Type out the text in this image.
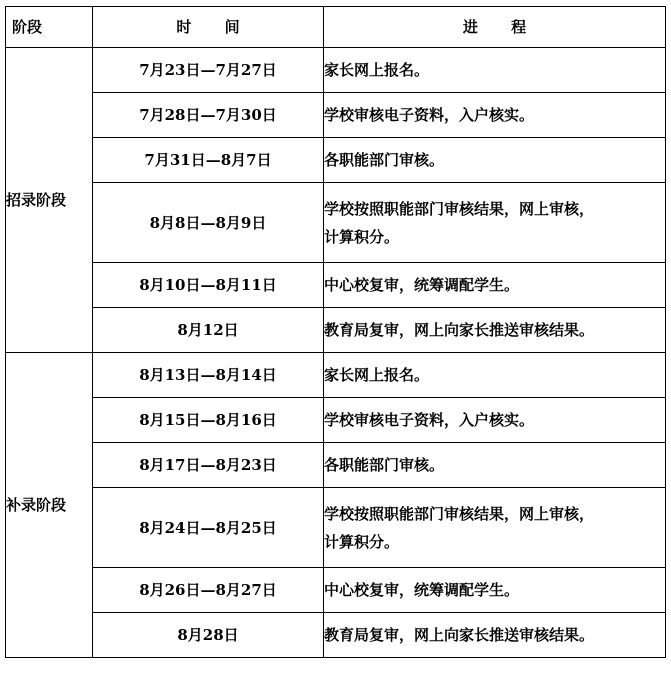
阶段	时 间	进 程
招录阶段	7月23日—7月27日	家长网上报名。

	7月28日—7月30日	学校审核电子资料，入户核实。

	7月31日—8月7日	各职能部门审核。

	8月8日—8月9日	学校按照职能部门审核结果，网上审核，
计算积分。

	8月10日—8月11日	中心校复审，统筹调配学生。

	8月12日	教育局复审，网上向家长推送审核结果。

补录阶段	8月13日—8月14日	家长网上报名。

	8月15日—8月16日	学校审核电子资料，入户核实。

	8月17日—8月23日	各职能部门审核。

	8月24日—8月25日	学校按照职能部门审核结果，网上审核，
计算积分。

	8月26日—8月27日	中心校复审，统筹调配学生。

	8月28日	教育局复审，网上向家长推送审核结果。
